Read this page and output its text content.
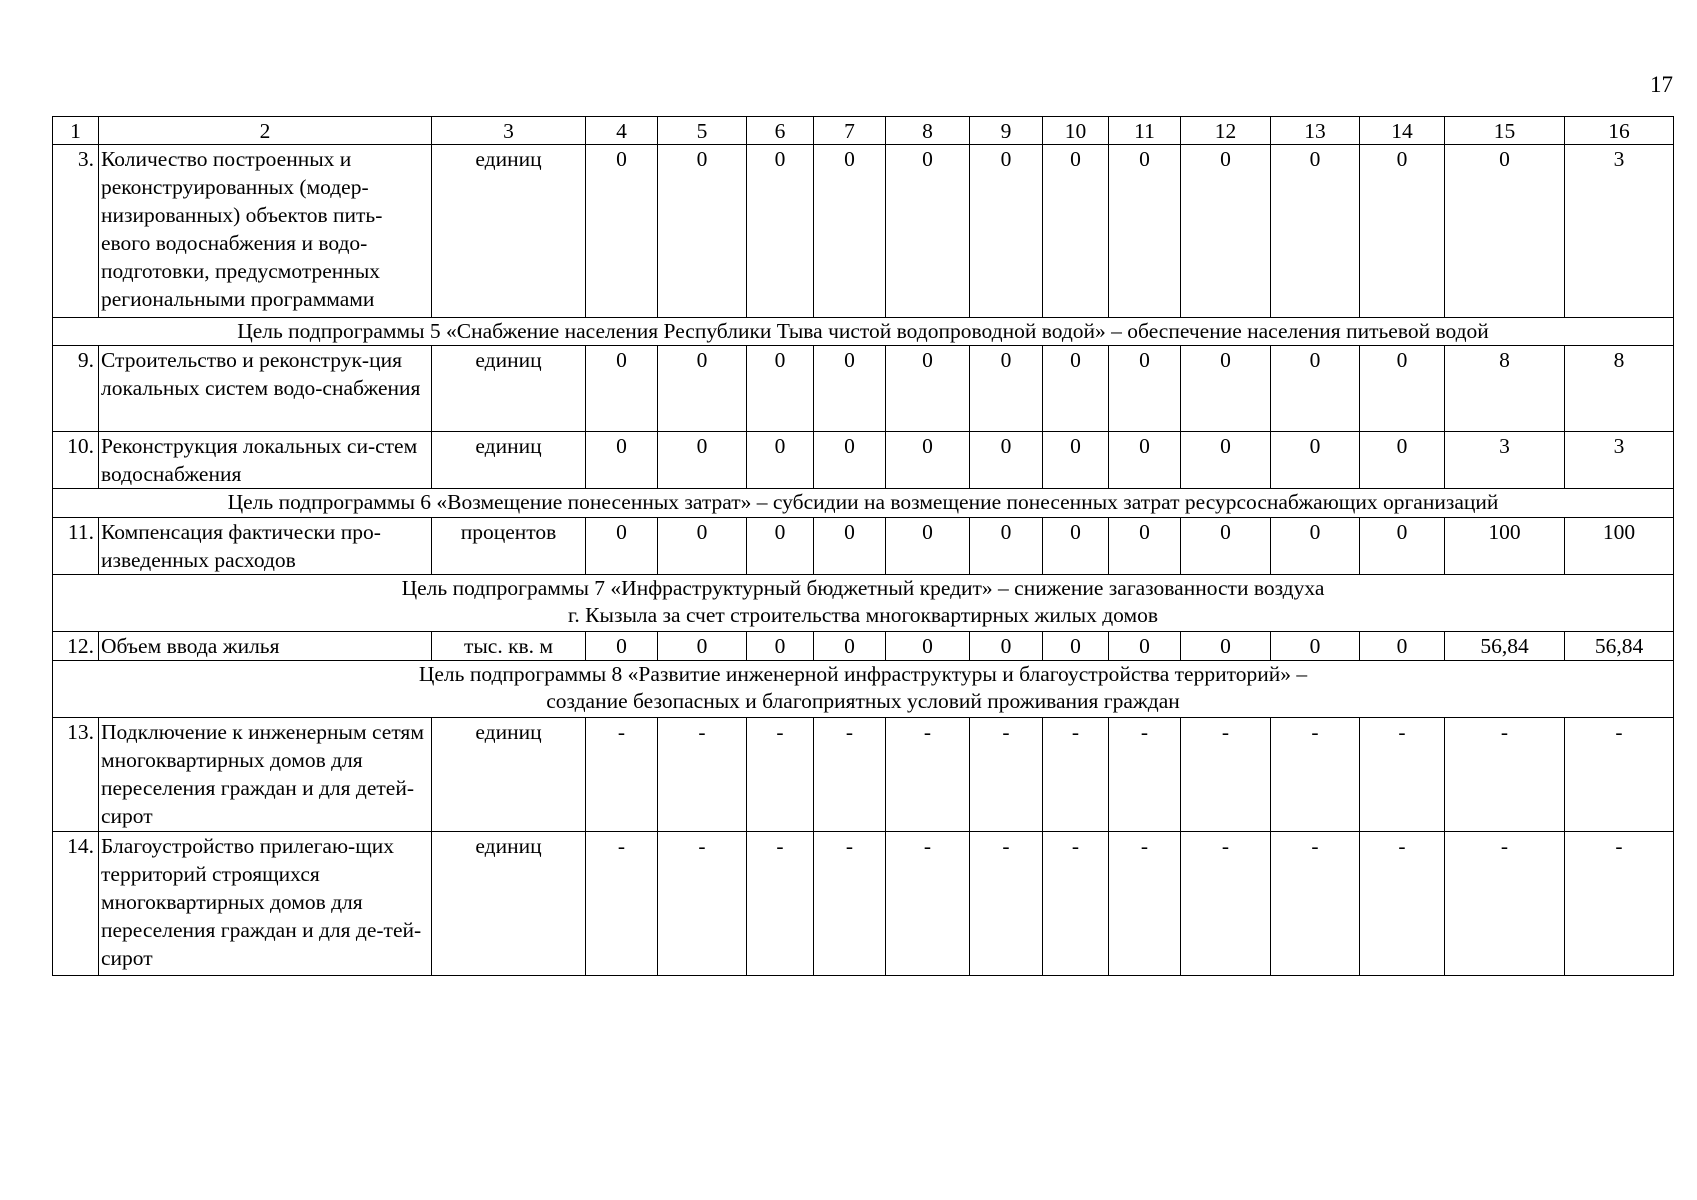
17
1	2	3	4	5	6	7	8	9	10	11	12	13	14	15	16
3.	Количество построенных и реконструированных (модер-низированных) объектов пить-евого водоснабжения и водо-подготовки, предусмотренных региональными программами	единиц	0	0	0	0	0	0	0	0	0	0	0	0	3
Цель подпрограммы 5 «Снабжение населения Республики Тыва чистой водопроводной водой» – обеспечение населения питьевой водой															
9.	Строительство и реконструк-ция локальных систем водо-снабжения	единиц	0	0	0	0	0	0	0	0	0	0	0	8	8
10.	Реконструкция локальных си-стем водоснабжения	единиц	0	0	0	0	0	0	0	0	0	0	0	3	3
Цель подпрограммы 6 «Возмещение понесенных затрат» – субсидии на возмещение понесенных затрат ресурсоснабжающих организаций															
11.	Компенсация фактически про-изведенных расходов	процентов	0	0	0	0	0	0	0	0	0	0	0	100	100
Цель подпрограммы 7 «Инфраструктурный бюджетный кредит» – снижение загазованности воздуха
г. Кызыла за счет строительства многоквартирных жилых домов															
12.	Объем ввода жилья	тыс. кв. м	0	0	0	0	0	0	0	0	0	0	0	56,84	56,84
Цель подпрограммы 8 «Развитие инженерной инфраструктуры и благоустройства территорий» –
создание безопасных и благоприятных условий проживания граждан															
13.	Подключение к инженерным сетям многоквартирных домов для переселения граждан и для детей-сирот	единиц	-	-	-	-	-	-	-	-	-	-	-	-	-
14.	Благоустройство прилегаю-щих территорий строящихся многоквартирных домов для переселения граждан и для де-тей-сирот	единиц	-	-	-	-	-	-	-	-	-	-	-	-	-
